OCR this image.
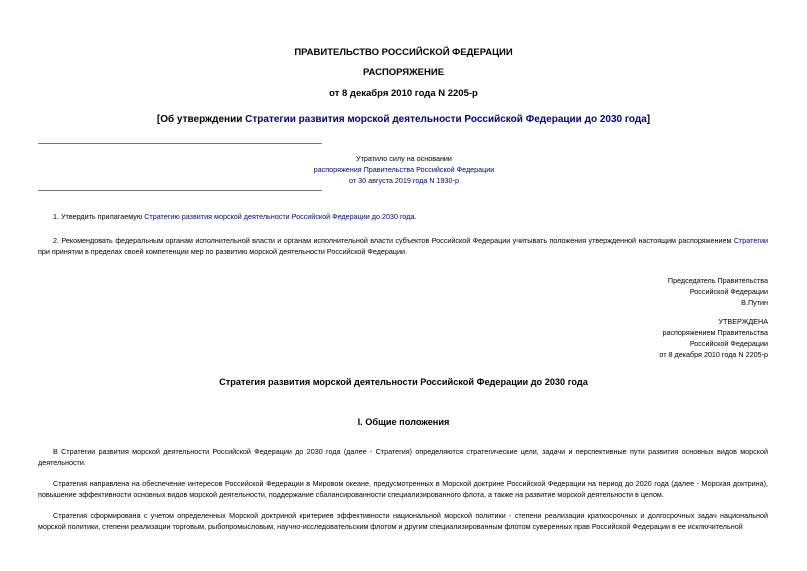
ПРАВИТЕЛЬСТВО РОССИЙСКОЙ ФЕДЕРАЦИИ
РАСПОРЯЖЕНИЕ
от 8 декабря 2010 года N 2205-р
[Об утверждении Стратегии развития морской деятельности Российской Федерации до 2030 года]
Утратило силу на основании
распоряжения Правительства Российской Федерации
от 30 августа 2019 года N 1930-р
1. Утвердить прилагаемую Стратегию развития морской деятельности Российской Федерации до 2030 года.
2. Рекомендовать федеральным органам исполнительной власти и органам исполнительной власти субъектов Российской Федерации учитывать положения утвержденной настоящим распоряжением Стратегии при принятии в пределах своей компетенции мер по развитию морской деятельности Российской Федерации.
Председатель Правительства
Российской Федерации
В.Путин
УТВЕРЖДЕНА
распоряжением Правительства
Российской Федерации
от 8 декабря 2010 года N 2205-р
Стратегия развития морской деятельности Российской Федерации до 2030 года
I. Общие положения
В Стратегии развития морской деятельности Российской Федерации до 2030 года (далее - Стратегия) определяются стратегические цели, задачи и перспективные пути развития основных видов морской деятельности.
Стратегия направлена на обеспечение интересов Российской Федерации в Мировом океане, предусмотренных в Морской доктрине Российской Федерации на период до 2020 года (далее - Морская доктрина), повышение эффективности основных видов морской деятельности, поддержание сбалансированности специализированного флота, а также на развитие морской деятельности в целом.
Стратегия сформирована с учетом определенных Морской доктриной критериев эффективности национальной морской политики - степени реализации краткосрочных и долгосрочных задач национальной морской политики, степени реализации торговым, рыбопромысловым, научно-исследовательским флотом и другим специализированным флотом суверенных прав Российской Федерации в ее исключительной
